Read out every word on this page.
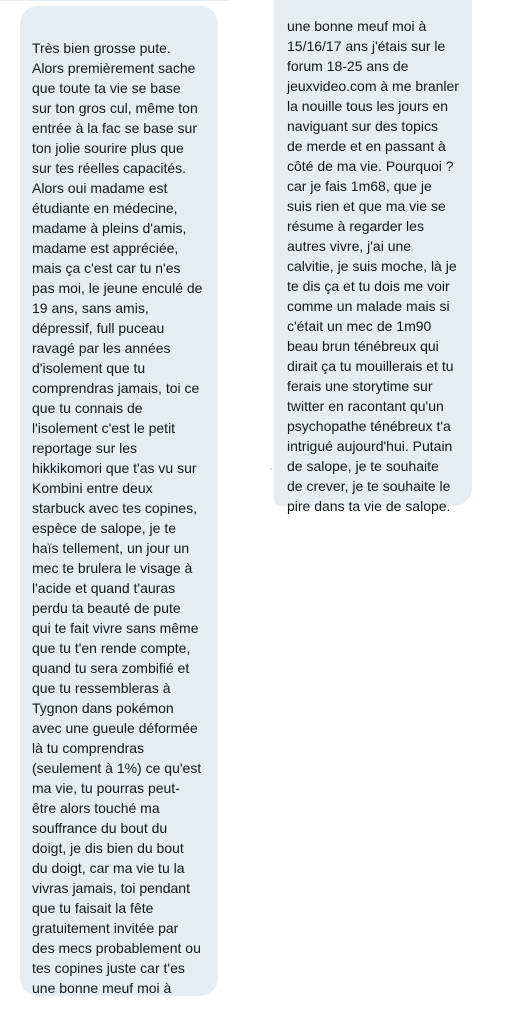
Très bien grosse pute.
Alors premièrement sache
que toute ta vie se base
sur ton gros cul, même ton
entrée à la fac se base sur
ton jolie sourire plus que
sur tes réelles capacités.
Alors oui madame est
étudiante en médecine,
madame à pleins d'amis,
madame est appréciée,
mais ça c'est car tu n'es
pas moi, le jeune enculé de
19 ans, sans amis,
dépressif, full puceau
ravagé par les années
d'isolement que tu
comprendras jamais, toi ce
que tu connais de
l'isolement c'est le petit
reportage sur les
hikkikomori que t'as vu sur
Kombini entre deux
starbuck avec tes copines,
espèce de salope, je te
haïs tellement, un jour un
mec te brulera le visage à
l'acide et quand t'auras
perdu ta beauté de pute
qui te fait vivre sans même
que tu t'en rende compte,
quand tu sera zombifié et
que tu ressembleras à
Tygnon dans pokémon
avec une gueule déformée
là tu comprendras
(seulement à 1%) ce qu'est
ma vie, tu pourras peut-
être alors touché ma
souffrance du bout du
doigt, je dis bien du bout
du doigt, car ma vie tu la
vivras jamais, toi pendant
que tu faisait la fête
gratuitement invitée par
des mecs probablement ou
tes copines juste car t'es
une bonne meuf moi à

une bonne meuf moi à
15/16/17 ans j'étais sur le
forum 18-25 ans de
jeuxvideo.com à me branler
la nouille tous les jours en
naviguant sur des topics
de merde et en passant à
côté de ma vie. Pourquoi ?
car je fais 1m68, que je
suis rien et que ma vie se
résume à regarder les
autres vivre, j'ai une
calvitie, je suis moche, là je
te dis ça et tu dois me voir
comme un malade mais si
c'était un mec de 1m90
beau brun ténébreux qui
dirait ça tu mouillerais et tu
ferais une storytime sur
twitter en racontant qu'un
psychopathe ténébreux t'a
intrigué aujourd'hui. Putain
de salope, je te souhaite
de crever, je te souhaite le
pire dans ta vie de salope.
